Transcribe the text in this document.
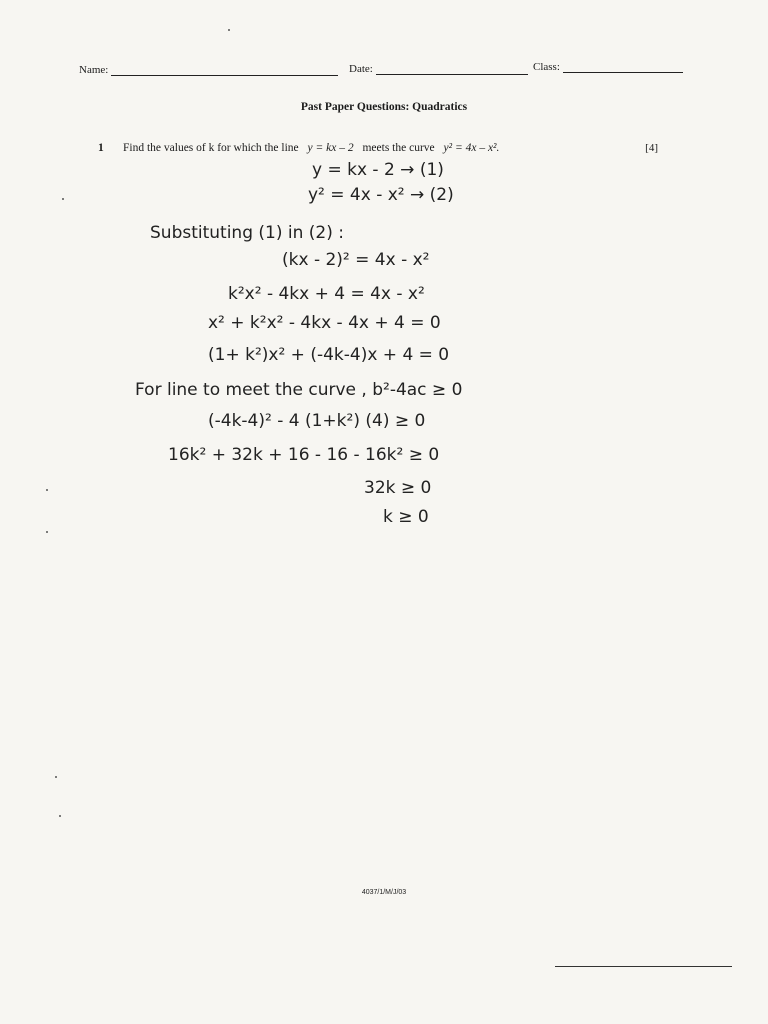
Name:	Date:	Class:
Past Paper Questions: Quadratics
1 Find the values of k for which the line y = kx – 2 meets the curve y² = 4x – x².	[4]
y = kx - 2 → (1)
y² = 4x - x² → (2)
Substituting (1) in (2) :
(kx - 2)² = 4x - x²
k²x² - 4kx + 4 = 4x - x²
x² + k²x² - 4kx - 4x + 4 = 0
(1+ k²)x² + (-4k-4)x + 4 = 0
For line to meet the curve , b²-4ac ≥ 0
(-4k-4)² - 4 (1+k²) (4) ≥ 0
16k² + 32k + 16 - 16 - 16k² ≥ 0
32k ≥ 0
k ≥ 0
4037/1/M/J/03
